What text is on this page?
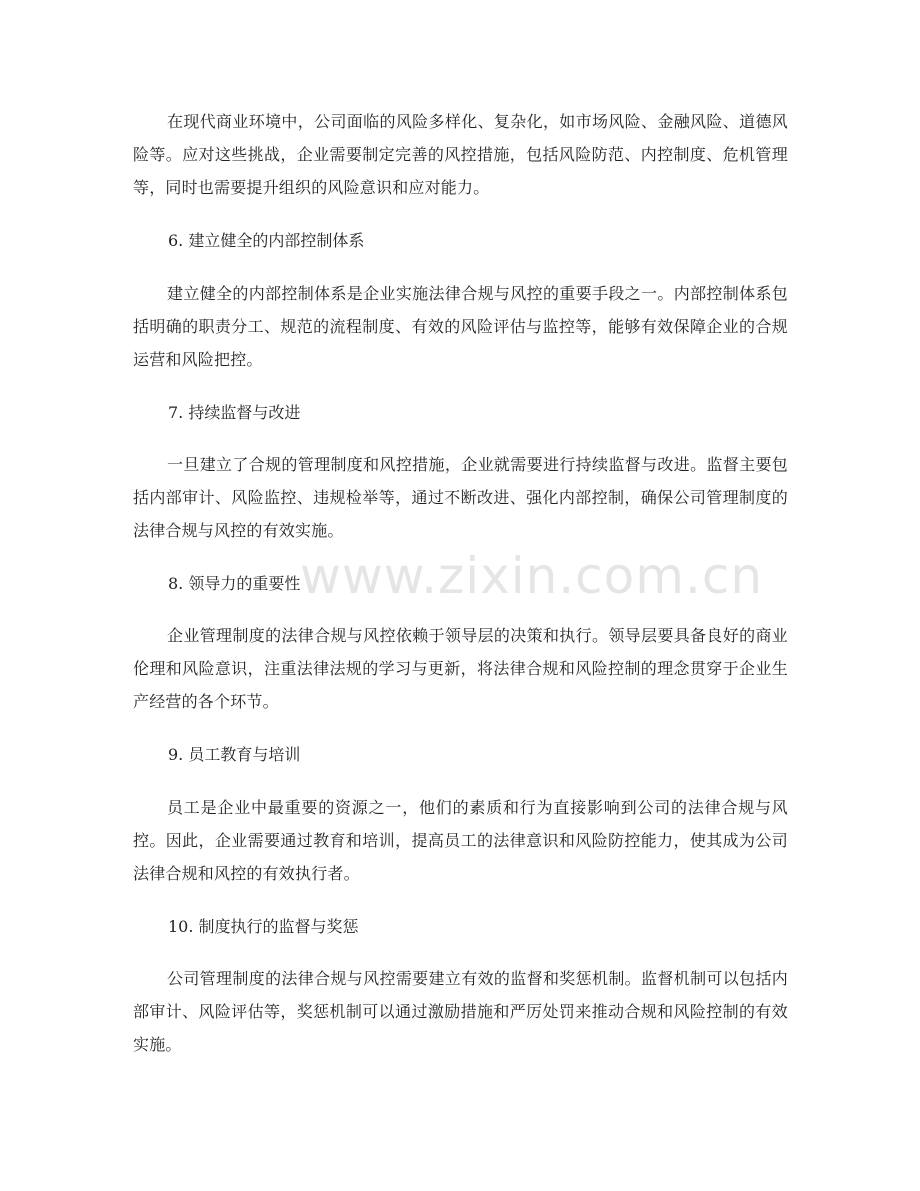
在现代商业环境中，公司面临的风险多样化、复杂化，如市场风险、金融风险、道德风险等。应对这些挑战，企业需要制定完善的风控措施，包括风险防范、内控制度、危机管理等，同时也需要提升组织的风险意识和应对能力。

6. 建立健全的内部控制体系

建立健全的内部控制体系是企业实施法律合规与风控的重要手段之一。内部控制体系包括明确的职责分工、规范的流程制度、有效的风险评估与监控等，能够有效保障企业的合规运营和风险把控。

7. 持续监督与改进

一旦建立了合规的管理制度和风控措施，企业就需要进行持续监督与改进。监督主要包括内部审计、风险监控、违规检举等，通过不断改进、强化内部控制，确保公司管理制度的法律合规与风控的有效实施。

8. 领导力的重要性

企业管理制度的法律合规与风控依赖于领导层的决策和执行。领导层要具备良好的商业伦理和风险意识，注重法律法规的学习与更新，将法律合规和风险控制的理念贯穿于企业生产经营的各个环节。

9. 员工教育与培训

员工是企业中最重要的资源之一，他们的素质和行为直接影响到公司的法律合规与风控。因此，企业需要通过教育和培训，提高员工的法律意识和风险防控能力，使其成为公司法律合规和风控的有效执行者。

10. 制度执行的监督与奖惩

公司管理制度的法律合规与风控需要建立有效的监督和奖惩机制。监督机制可以包括内部审计、风险评估等，奖惩机制可以通过激励措施和严厉处罚来推动合规和风险控制的有效实施。

www.zixin.com.cn
